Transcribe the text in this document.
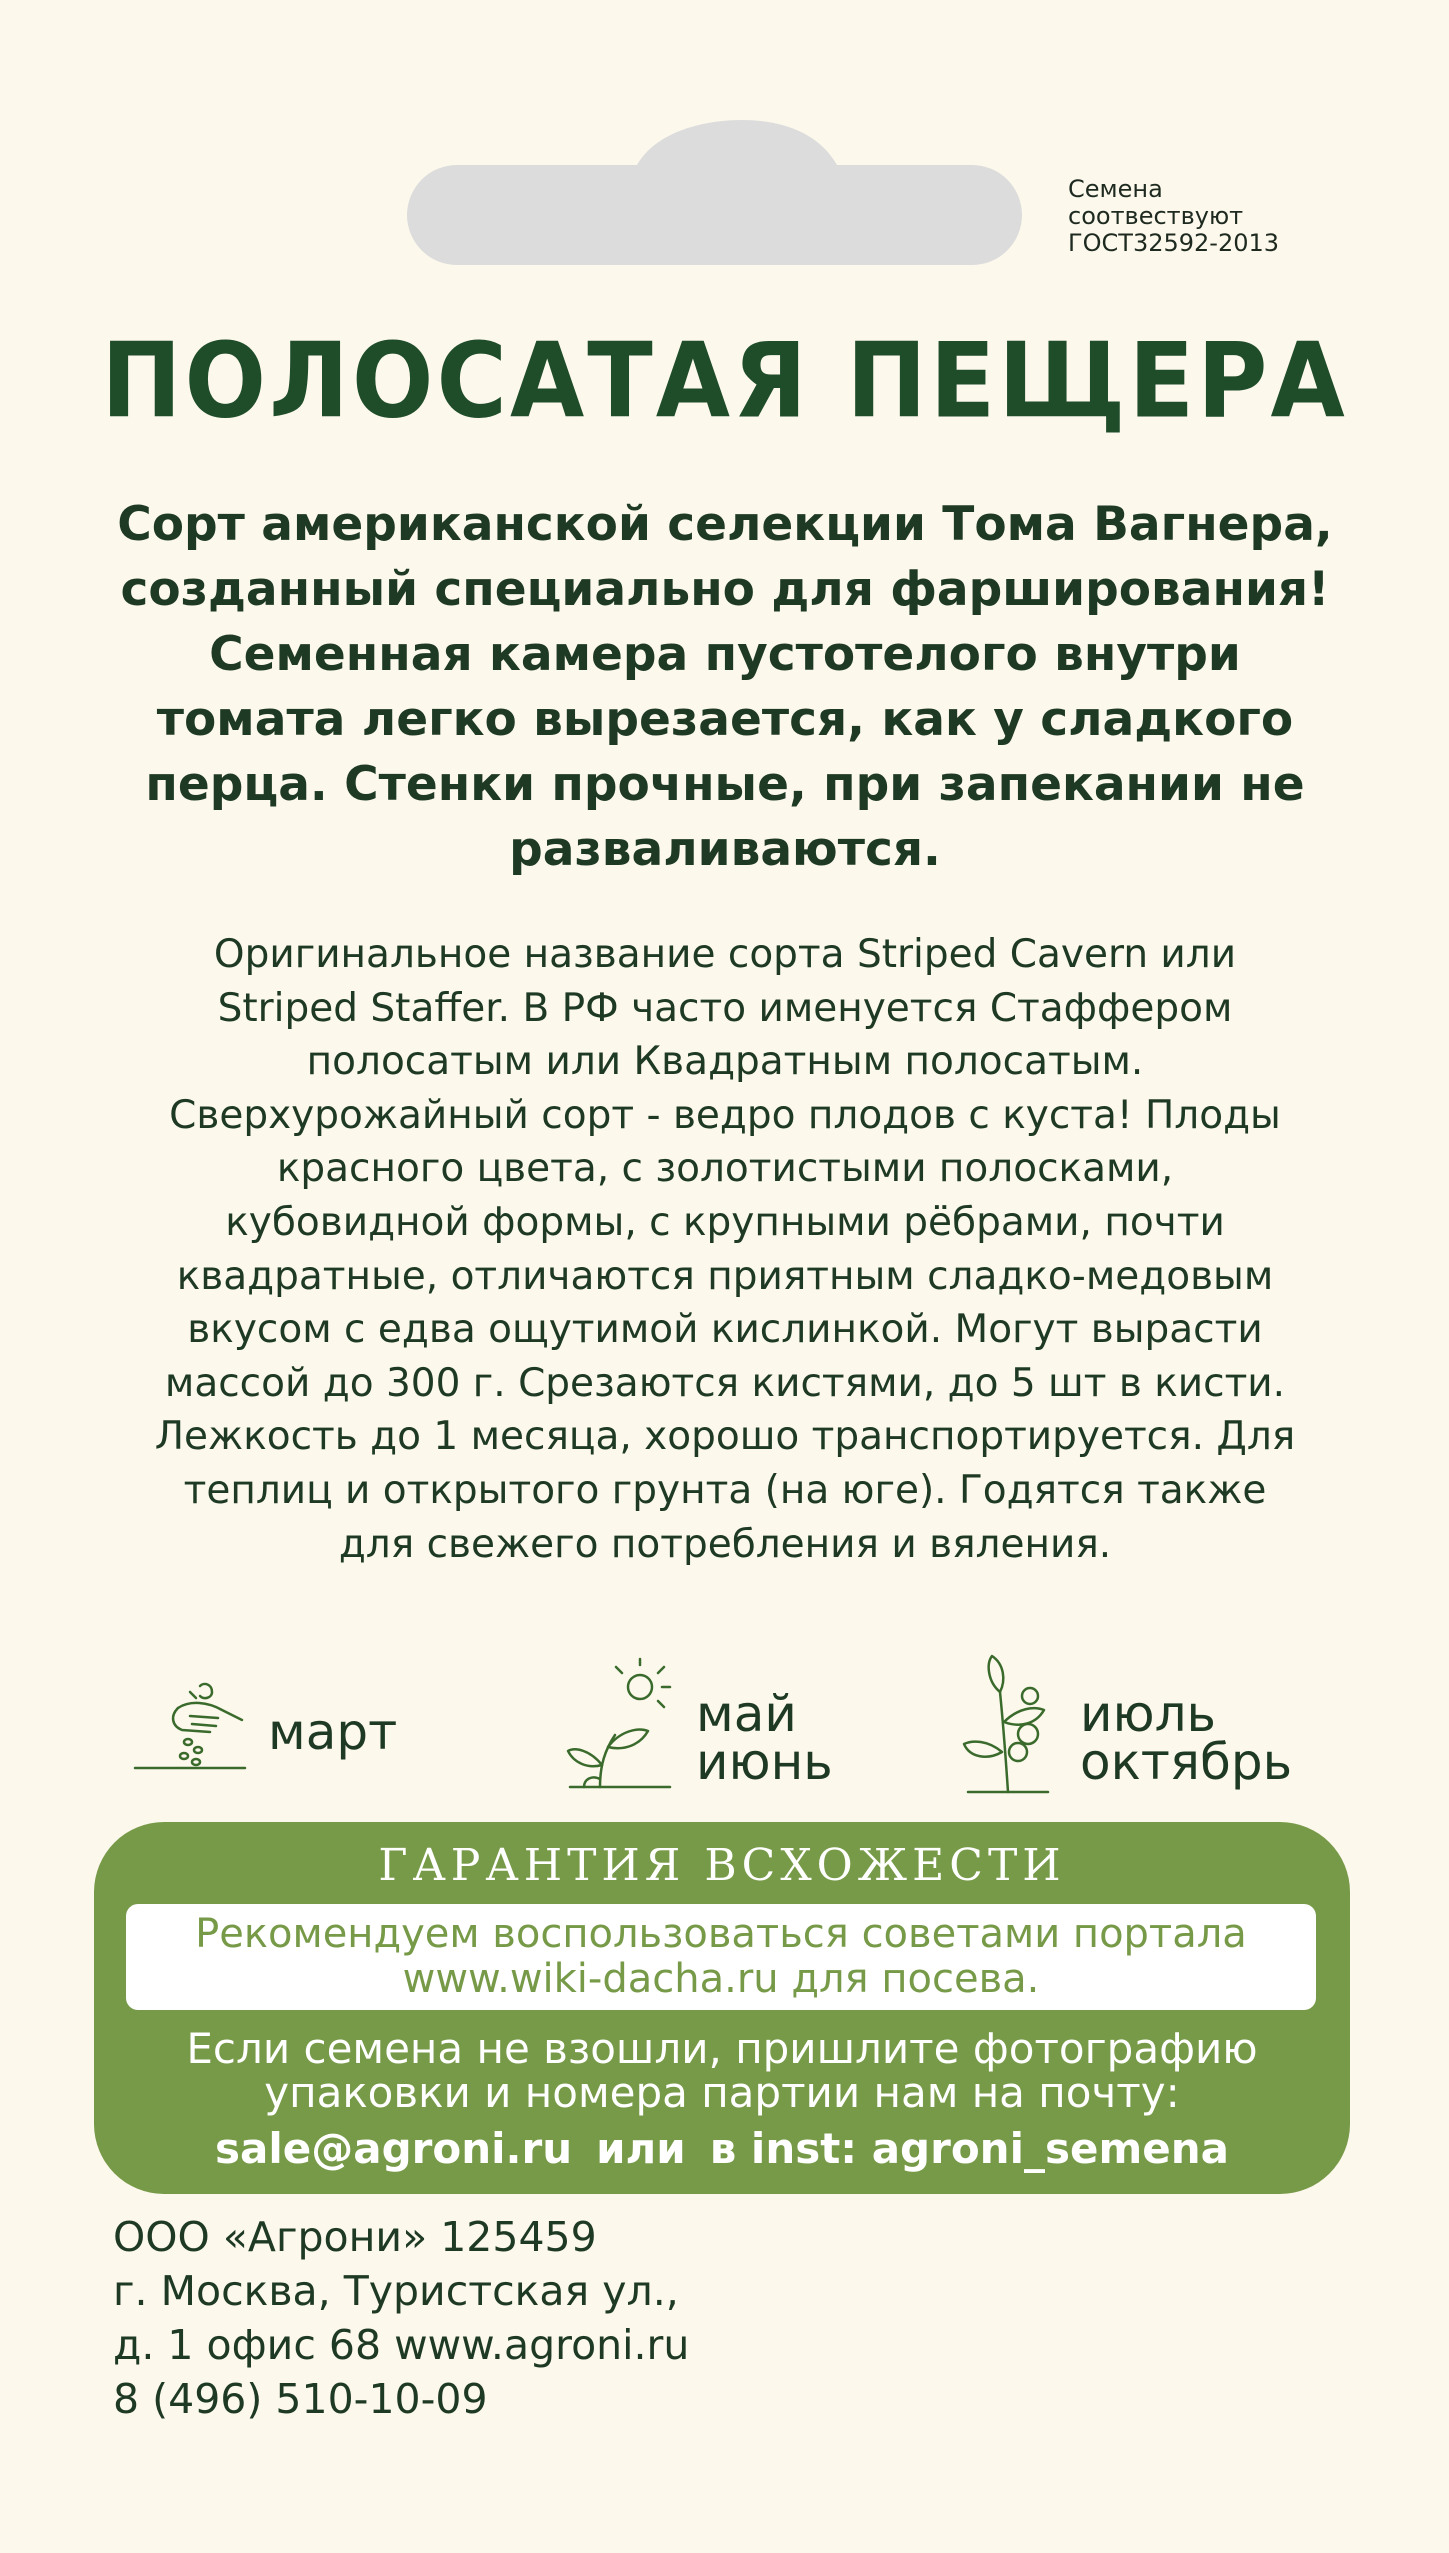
Семена
соотвествуют
ГОСТ32592-2013
ПОЛОСАТАЯ ПЕЩЕРА
Сорт американской селекции Тома Вагнера,
созданный специально для фарширования!
Семенная камера пустотелого внутри
томата легко вырезается, как у сладкого
перца. Стенки прочные, при запекании не
разваливаются.
Оригинальное название сорта Striped Cavern или
Striped Staffer. В РФ часто именуется Стаффером
полосатым или Квадратным полосатым.
Сверхурожайный сорт - ведро плодов с куста! Плоды
красного цвета, с золотистыми полосками,
кубовидной формы, с крупными рёбрами, почти
квадратные, отличаются приятным сладко-медовым
вкусом с едва ощутимой кислинкой. Могут вырасти
массой до 300 г. Срезаются кистями, до 5 шт в кисти.
Лежкость до 1 месяца, хорошо транспортируется. Для
теплиц и открытого грунта (на юге). Годятся также
для свежего потребления и вяления.
март	май
июнь
июль
октябрь
ГАРАНТИЯ ВСХОЖЕСТИ
Рекомендуем воспользоваться советами портала
www.wiki-dacha.ru для посева.
Если семена не взошли, пришлите фотографию
упаковки и номера партии нам на почту:
sale@agroni.ru или в inst: agroni_semena
ООО «Агрони» 125459
г. Москва, Туристская ул.,
д. 1 офис 68 www.agroni.ru
8 (496) 510-10-09
